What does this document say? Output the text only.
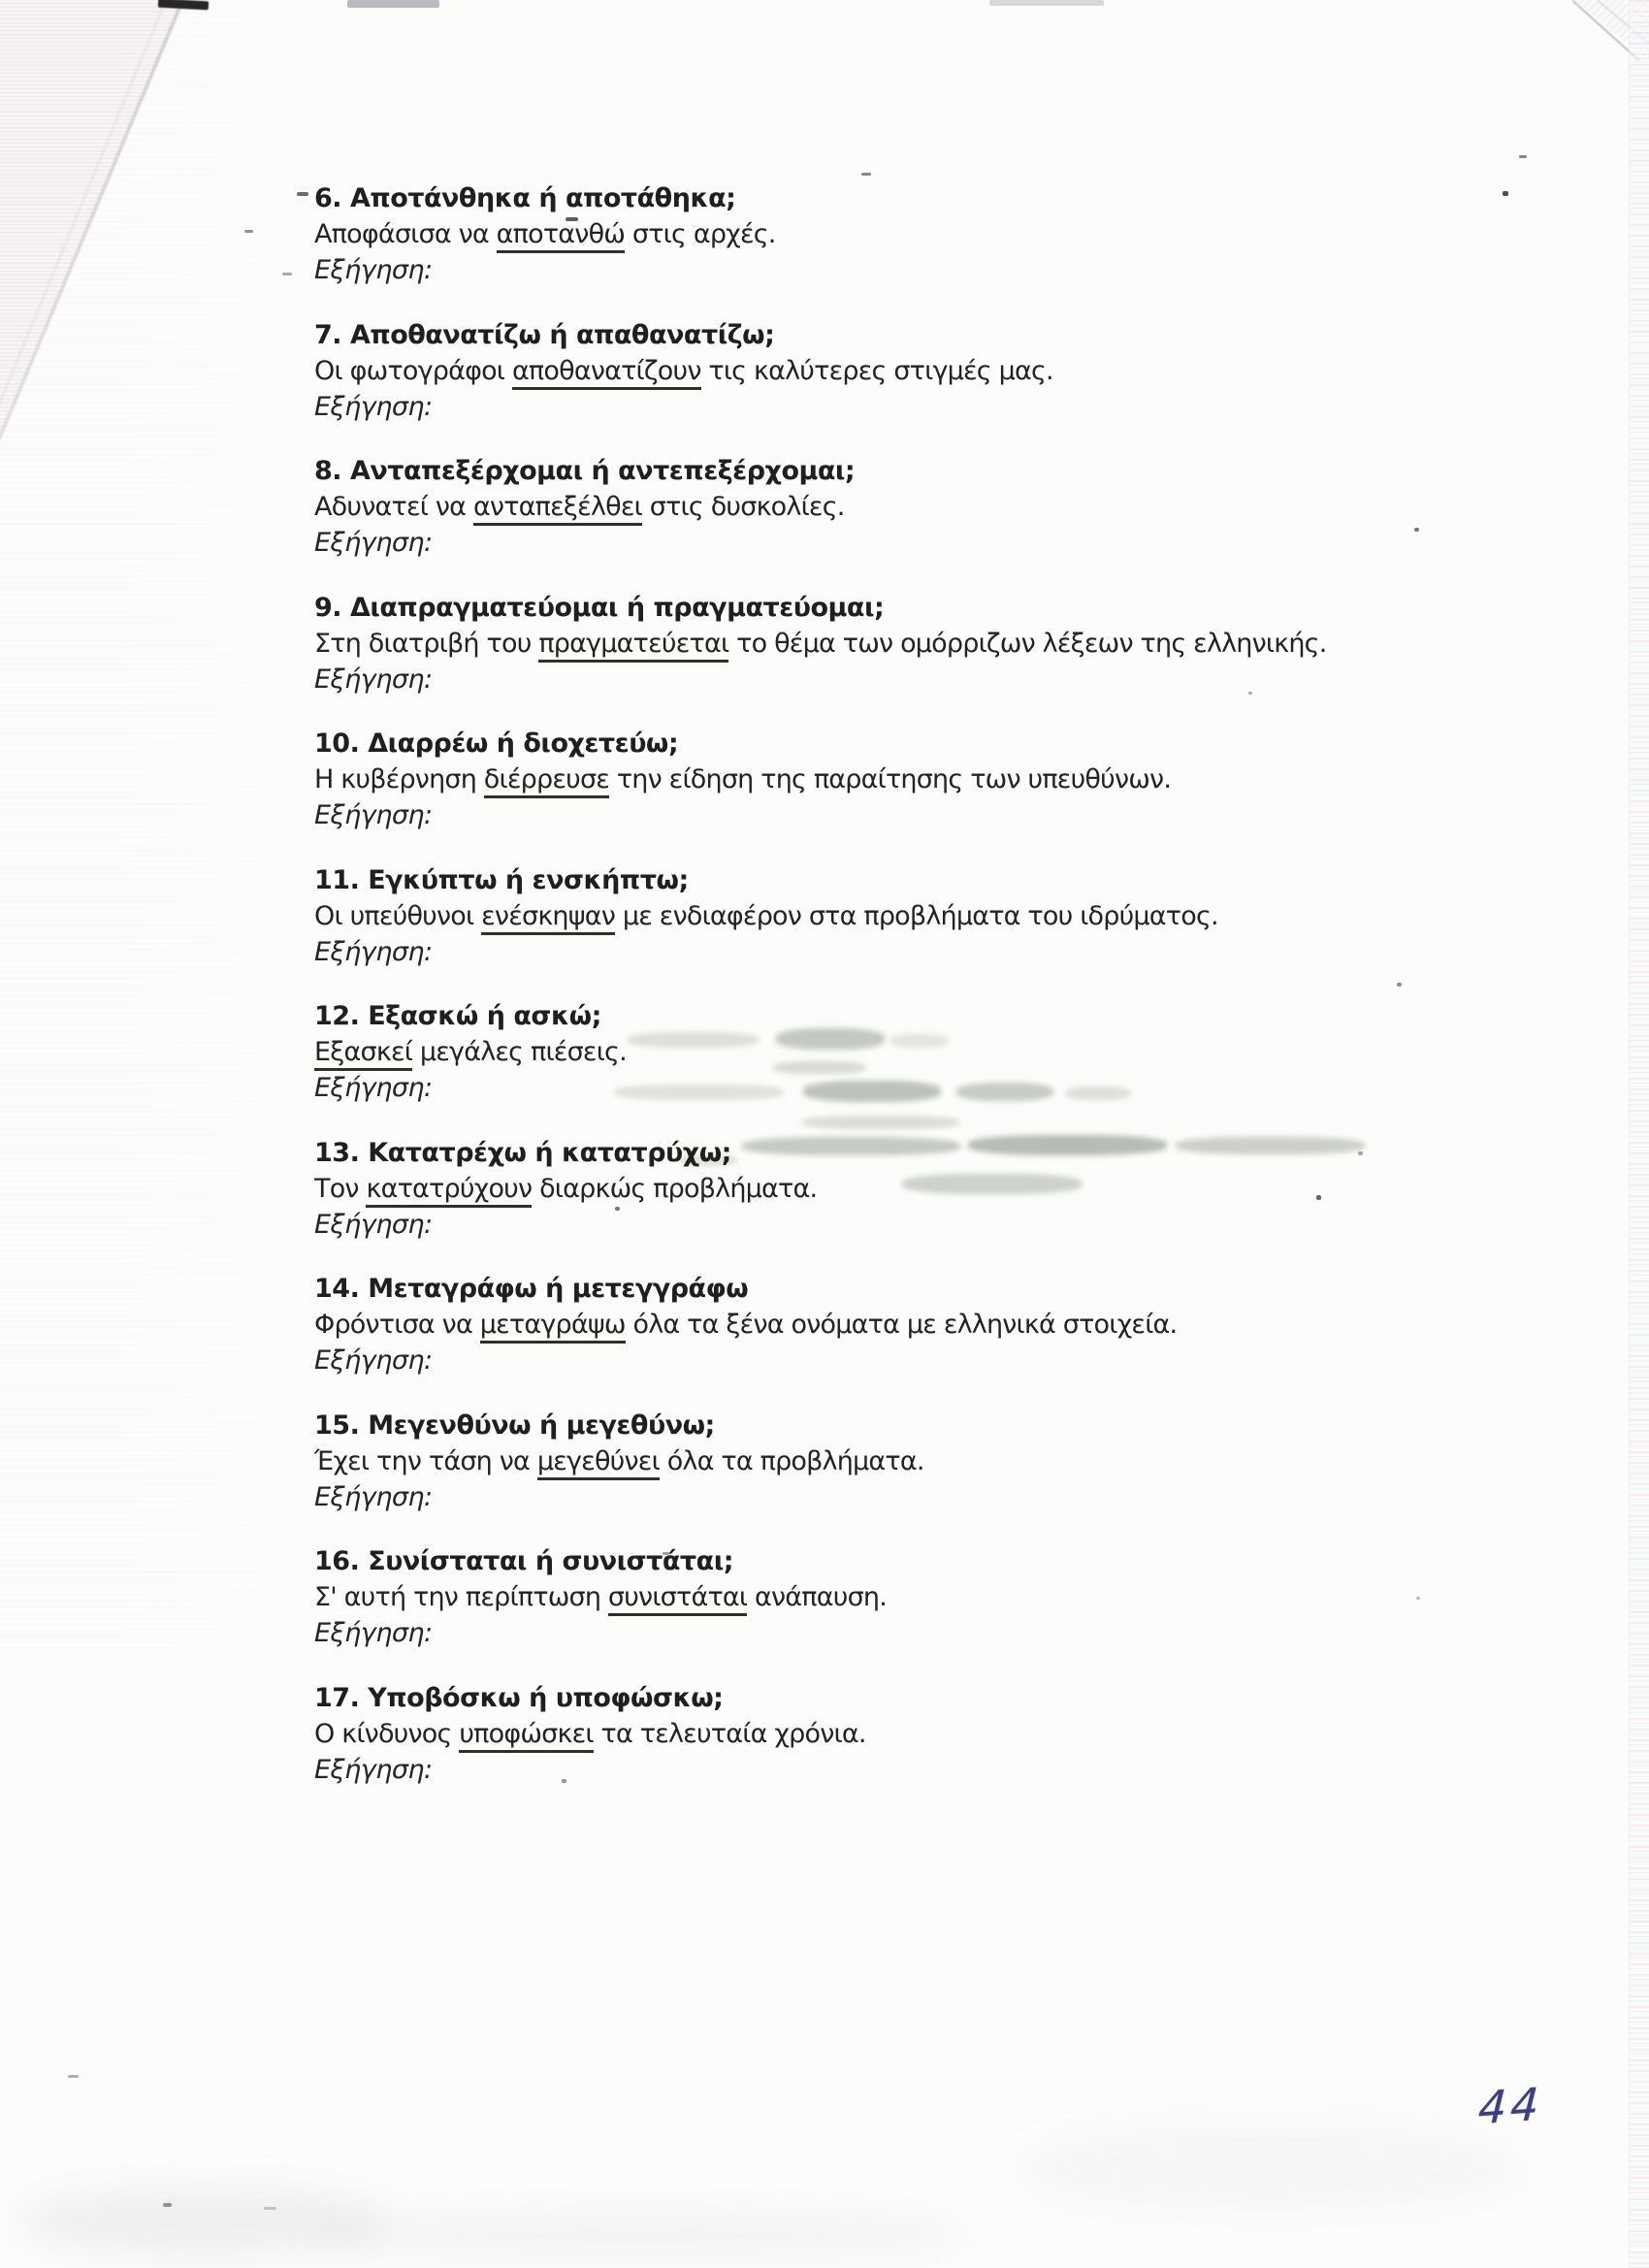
6. Αποτάνθηκα ή αποτάθηκα;
Αποφάσισα να αποτανθώ στις αρχές.
Εξήγηση:
7. Αποθανατίζω ή απαθανατίζω;
Οι φωτογράφοι αποθανατίζουν τις καλύτερες στιγμές μας.
Εξήγηση:
8. Ανταπεξέρχομαι ή αντεπεξέρχομαι;
Αδυνατεί να ανταπεξέλθει στις δυσκολίες.
Εξήγηση:
9. Διαπραγματεύομαι ή πραγματεύομαι;
Στη διατριβή του πραγματεύεται το θέμα των ομόρριζων λέξεων της ελληνικής.
Εξήγηση:
10. Διαρρέω ή διοχετεύω;
Η κυβέρνηση διέρρευσε την είδηση της παραίτησης των υπευθύνων.
Εξήγηση:
11. Εγκύπτω ή ενσκήπτω;
Οι υπεύθυνοι ενέσκηψαν με ενδιαφέρον στα προβλήματα του ιδρύματος.
Εξήγηση:
12. Εξασκώ ή ασκώ;
Εξασκεί μεγάλες πιέσεις.
Εξήγηση:
13. Κατατρέχω ή κατατρύχω;
Τον κατατρύχουν διαρκώς προβλήματα.
Εξήγηση:
14. Μεταγράφω ή μετεγγράφω
Φρόντισα να μεταγράψω όλα τα ξένα ονόματα με ελληνικά στοιχεία.
Εξήγηση:
15. Μεγενθύνω ή μεγεθύνω;
Έχει την τάση να μεγεθύνει όλα τα προβλήματα.
Εξήγηση:
16. Συνίσταται ή συνιστάται;
Σ' αυτή την περίπτωση συνιστάται ανάπαυση.
Εξήγηση:
17. Υποβόσκω ή υποφώσκω;
Ο κίνδυνος υποφώσκει τα τελευταία χρόνια.
Εξήγηση:
44
